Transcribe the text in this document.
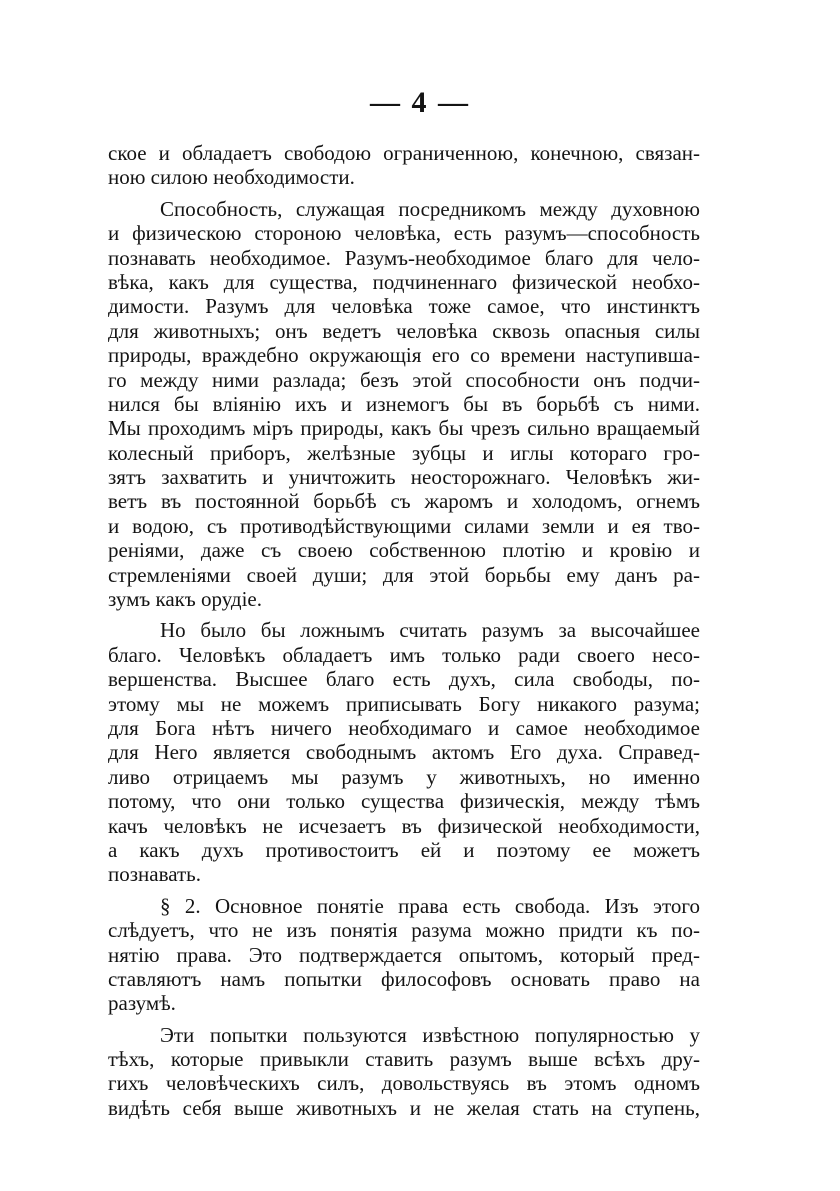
— 4 —
ское и обладаетъ свободою ограниченною, конечною, связан-
ною силою необходимости.
Способность, служащая посредникомъ между духовною
и физическою стороною человѣка, есть разумъ—способность
познавать необходимое. Разумъ-необходимое благо для чело-
вѣка, какъ для существа, подчиненнаго физической необхо-
димости. Разумъ для человѣка тоже самое, что инстинктъ
для животныхъ; онъ ведетъ человѣка сквозь опасныя силы
природы, враждебно окружающія его со времени наступивша-
го между ними разлада; безъ этой способности онъ подчи-
нился бы вліянію ихъ и изнемогъ бы въ борьбѣ съ ними.
Мы проходимъ міръ природы, какъ бы чрезъ сильно вращаемый
колесный приборъ, желѣзные зубцы и иглы котораго гро-
зятъ захватить и уничтожить неосторожнаго. Человѣкъ жи-
ветъ въ постоянной борьбѣ съ жаромъ и холодомъ, огнемъ
и водою, съ противодѣйствующими силами земли и ея тво-
реніями, даже съ своею собственною плотію и кровію и
стремленіями своей души; для этой борьбы ему данъ ра-
зумъ какъ орудіе.
Но было бы ложнымъ считать разумъ за высочайшее
благо. Человѣкъ обладаетъ имъ только ради своего несо-
вершенства. Высшее благо есть духъ, сила свободы, по-
этому мы не можемъ приписывать Богу никакого разума;
для Бога нѣтъ ничего необходимаго и самое необходимое
для Него является свободнымъ актомъ Его духа. Справед-
ливо отрицаемъ мы разумъ у животныхъ, но именно
потому, что они только существа физическія, между тѣмъ
качъ человѣкъ не исчезаетъ въ физической необходимости,
а какъ духъ противостоитъ ей и поэтому ее можетъ
познавать.
§ 2. Основное понятіе права есть свобода. Изъ этого
слѣдуетъ, что не изъ понятія разума можно придти къ по-
нятію права. Это подтверждается опытомъ, который пред-
ставляютъ намъ попытки философовъ основать право на
разумѣ.
Эти попытки пользуются извѣстною популярностью у
тѣхъ, которые привыкли ставить разумъ выше всѣхъ дру-
гихъ человѣческихъ силъ, довольствуясь въ этомъ одномъ
видѣть себя выше животныхъ и не желая стать на ступень,
